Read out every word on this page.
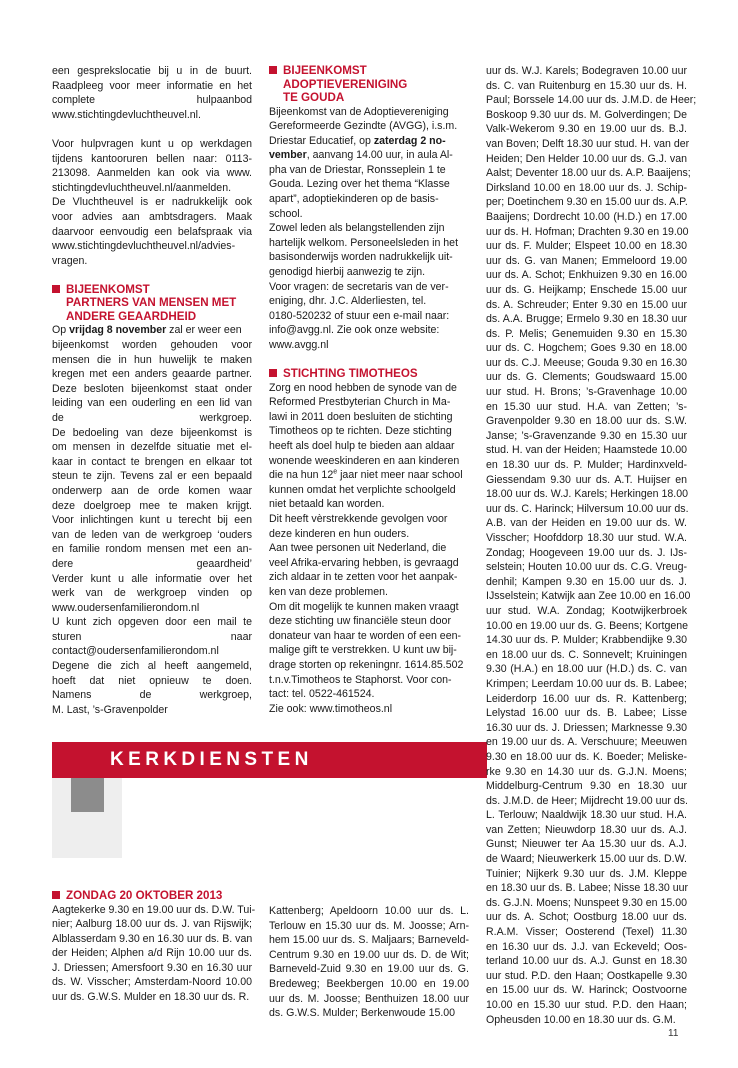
KERKDIENSTEN

een gesprekslocatie bij u in de buurt.
Raadpleeg voor meer informatie en het
complete hulpaanbod
www.stichtingdevluchtheuvel.nl.

Voor hulpvragen kunt u op werkdagen
tijdens kantooruren bellen naar: 0113-
213098. Aanmelden kan ook via www.
stichtingdevluchtheuvel.nl/aanmelden.
De Vluchtheuvel is er nadrukkelijk ook
voor advies aan ambtsdragers. Maak
daarvoor eenvoudig een belafspraak via
www.stichtingdevluchtheuvel.nl/advies-
vragen.

BIJEENKOMST
PARTNERS VAN MENSEN MET
ANDERE GEAARDHEID

Op vrijdag 8 november zal er weer een

bijeenkomst worden gehouden voor
mensen die in hun huwelijk te maken
kregen met een anders geaarde partner.
Deze besloten bijeenkomst staat onder
leiding van een ouderling en een lid van
de werkgroep.
De bedoeling van deze bijeenkomst is
om mensen in dezelfde situatie met el-
kaar in contact te brengen en elkaar tot
steun te zijn. Tevens zal er een bepaald
onderwerp aan de orde komen waar
deze doelgroep mee te maken krijgt.
Voor inlichtingen kunt u terecht bij een
van de leden van de werkgroep ‘ouders
en familie rondom mensen met een an-
dere geaardheid’
Verder kunt u alle informatie over het
werk van de werkgroep vinden op
www.oudersenfamilierondom.nl
U kunt zich opgeven door een mail te
sturen naar
contact@oudersenfamilierondom.nl
Degene die zich al heeft aangemeld,
hoeft dat niet opnieuw te doen.
Namens de werkgroep,
M. Last, ’s-Gravenpolder

BIJEENKOMST
ADOPTIEVERENIGING
TE GOUDA

Bijeenkomst van de Adoptievereniging
Gereformeerde Gezindte (AVGG), i.s.m.
Driestar Educatief, op zaterdag 2 no-
vember, aanvang 14.00 uur, in aula Al-
pha van de Driestar, Ronsseplein 1 te
Gouda. Lezing over het thema “Klasse
apart”, adoptiekinderen op de basis-
school.
Zowel leden als belangstellenden zijn
hartelijk welkom. Personeelsleden in het
basisonderwijs worden nadrukkelijk uit-
genodigd hierbij aanwezig te zijn.
Voor vragen: de secretaris van de ver-
eniging, dhr. J.C. Alderliesten, tel.
0180-520232 of stuur een e-mail naar:
info@avgg.nl. Zie ook onze website:
www.avgg.nl

STICHTING TIMOTHEOS

Zorg en nood hebben de synode van de
Reformed Prestbyterian Church in Ma-
lawi in 2011 doen besluiten de stichting
Timotheos op te richten. Deze stichting
heeft als doel hulp te bieden aan aldaar
wonende weeskinderen en aan kinderen
die na hun 12e jaar niet meer naar school
kunnen omdat het verplichte schoolgeld
niet betaald kan worden.
Dit heeft vèrstrekkende gevolgen voor
deze kinderen en hun ouders.
Aan twee personen uit Nederland, die
veel Afrika-ervaring hebben, is gevraagd
zich aldaar in te zetten voor het aanpak-
ken van deze problemen.
Om dit mogelijk te kunnen maken vraagt
deze stichting uw financiële steun door
donateur van haar te worden of een een-
malige gift te verstrekken. U kunt uw bij-
drage storten op rekeningnr. 1614.85.502
t.n.v.Timotheos te Staphorst. Voor con-
tact: tel. 0522-461524.
Zie ook: www.timotheos.nl

uur ds. W.J. Karels; Bodegraven 10.00 uur
ds. C. van Ruitenburg en 15.30 uur ds. H.
Paul; Borssele 14.00 uur ds. J.M.D. de Heer;
Boskoop 9.30 uur ds. M. Golverdingen; De
Valk-Wekerom 9.30 en 19.00 uur ds. B.J.
van Boven; Delft 18.30 uur stud. H. van der
Heiden; Den Helder 10.00 uur ds. G.J. van
Aalst; Deventer 18.00 uur ds. A.P. Baaijens;
Dirksland 10.00 en 18.00 uur ds. J. Schip-
per; Doetinchem 9.30 en 15.00 uur ds. A.P.
Baaijens; Dordrecht 10.00 (H.D.) en 17.00
uur ds. H. Hofman; Drachten 9.30 en 19.00
uur ds. F. Mulder; Elspeet 10.00 en 18.30
uur ds. G. van Manen; Emmeloord 19.00
uur ds. A. Schot; Enkhuizen 9.30 en 16.00
uur ds. G. Heijkamp; Enschede 15.00 uur
ds. A. Schreuder; Enter 9.30 en 15.00 uur
ds. A.A. Brugge; Ermelo 9.30 en 18.30 uur
ds. P. Melis; Genemuiden 9.30 en 15.30
uur ds. C. Hogchem; Goes 9.30 en 18.00
uur ds. C.J. Meeuse; Gouda 9.30 en 16.30
uur ds. G. Clements; Goudswaard 15.00
uur stud. H. Brons; ’s-Gravenhage 10.00
en 15.30 uur stud. H.A. van Zetten; ’s-
Gravenpolder 9.30 en 18.00 uur ds. S.W.
Janse; ’s-Gravenzande 9.30 en 15.30 uur
stud. H. van der Heiden; Haamstede 10.00
en 18.30 uur ds. P. Mulder; Hardinxveld-
Giessendam 9.30 uur ds. A.T. Huijser en
18.00 uur ds. W.J. Karels; Herkingen 18.00
uur ds. C. Harinck; Hilversum 10.00 uur ds.
A.B. van der Heiden en 19.00 uur ds. W.
Visscher; Hoofddorp 18.30 uur stud. W.A.
Zondag; Hoogeveen 19.00 uur ds. J. IJs-
selstein; Houten 10.00 uur ds. C.G. Vreug-
denhil; Kampen 9.30 en 15.00 uur ds. J.
IJsselstein; Katwijk aan Zee 10.00 en 16.00
uur stud. W.A. Zondag; Kootwijkerbroek
10.00 en 19.00 uur ds. G. Beens; Kortgene
14.30 uur ds. P. Mulder; Krabbendijke 9.30
en 18.00 uur ds. C. Sonnevelt; Kruiningen
9.30 (H.A.) en 18.00 uur (H.D.) ds. C. van
Krimpen; Leerdam 10.00 uur ds. B. Labee;
Leiderdorp 16.00 uur ds. R. Kattenberg;
Lelystad 16.00 uur ds. B. Labee; Lisse
16.30 uur ds. J. Driessen; Marknesse 9.30
en 19.00 uur ds. A. Verschuure; Meeuwen
9.30 en 18.00 uur ds. K. Boeder; Meliske-
rke 9.30 en 14.30 uur ds. G.J.N. Moens;
Middelburg-Centrum 9.30 en 18.30 uur
ds. J.M.D. de Heer; Mijdrecht 19.00 uur ds.
L. Terlouw; Naaldwijk 18.30 uur stud. H.A.
van Zetten; Nieuwdorp 18.30 uur ds. A.J.
Gunst; Nieuwer ter Aa 15.30 uur ds. A.J.
de Waard; Nieuwerkerk 15.00 uur ds. D.W.
Tuinier; Nijkerk 9.30 uur ds. J.M. Kleppe
en 18.30 uur ds. B. Labee; Nisse 18.30 uur
ds. G.J.N. Moens; Nunspeet 9.30 en 15.00
uur ds. A. Schot; Oostburg 18.00 uur ds.
R.A.M. Visser; Oosterend (Texel) 11.30
en 16.30 uur ds. J.J. van Eckeveld; Oos-
terland 10.00 uur ds. A.J. Gunst en 18.30
uur stud. P.D. den Haan; Oostkapelle 9.30
en 15.00 uur ds. W. Harinck; Oostvoorne
10.00 en 15.30 uur stud. P.D. den Haan;
Opheusden 10.00 en 18.30 uur ds. G.M.

ZONDAG 20 OKTOBER 2013

Aagtekerke 9.30 en 19.00 uur ds. D.W. Tui-
nier; Aalburg 18.00 uur ds. J. van Rijswijk;
Alblasserdam 9.30 en 16.30 uur ds. B. van
der Heiden; Alphen a/d Rijn 10.00 uur ds.
J. Driessen; Amersfoort 9.30 en 16.30 uur
ds. W. Visscher; Amsterdam-Noord 10.00
uur ds. G.W.S. Mulder en 18.30 uur ds. R.

Kattenberg; Apeldoorn 10.00 uur ds. L.
Terlouw en 15.30 uur ds. M. Joosse; Arn-
hem 15.00 uur ds. S. Maljaars; Barneveld-
Centrum 9.30 en 19.00 uur ds. D. de Wit;
Barneveld-Zuid 9.30 en 19.00 uur ds. G.
Bredeweg; Beekbergen 10.00 en 19.00
uur ds. M. Joosse; Benthuizen 18.00 uur
ds. G.W.S. Mulder; Berkenwoude 15.00

11
